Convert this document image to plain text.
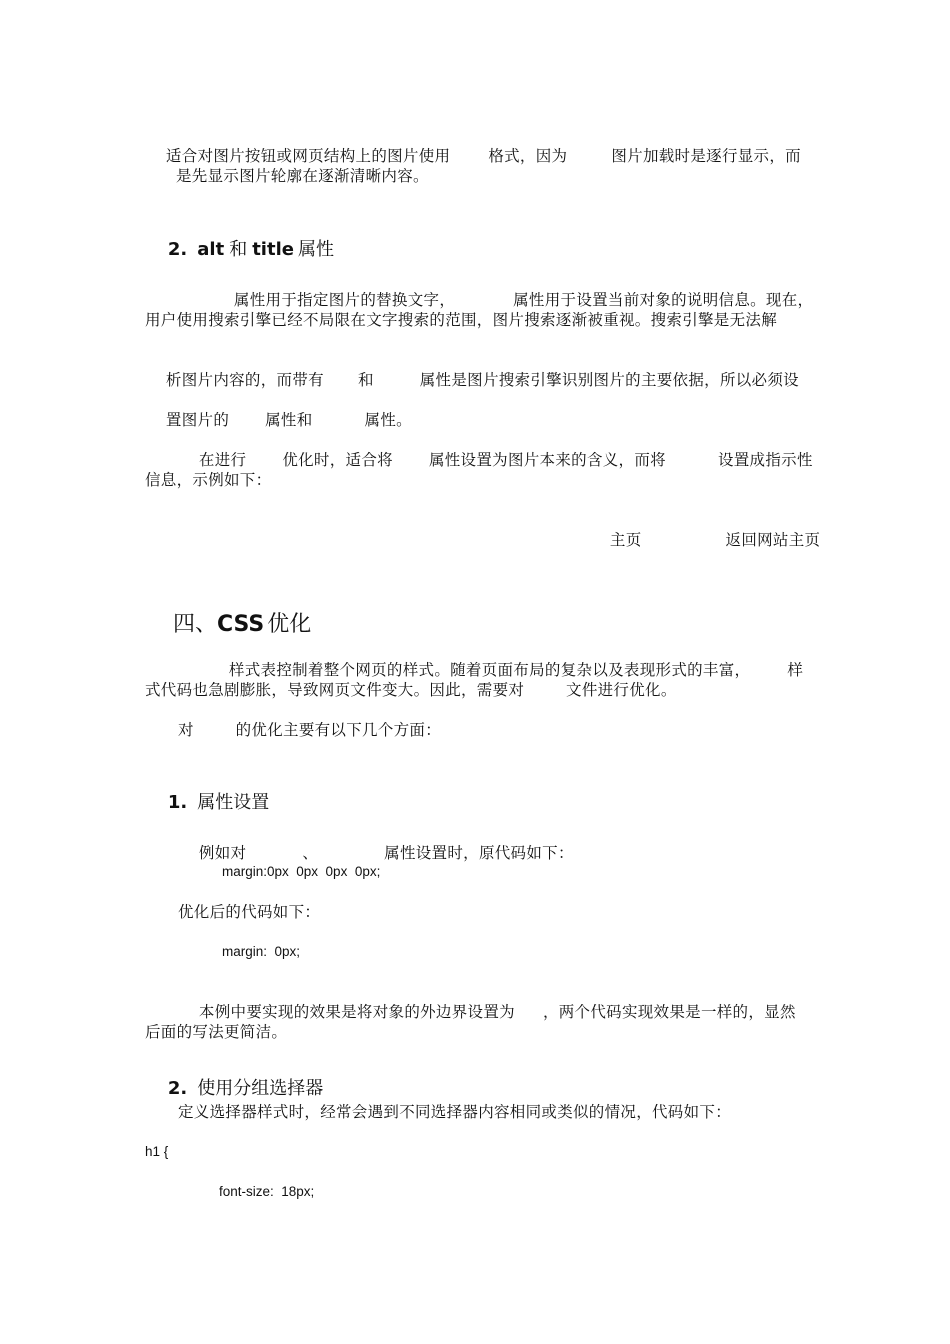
适合对图片按钮或网页结构上的图片使用 格式，因为	图片加载时是逐行显示，而

是先显示图片轮廓在逐渐清晰内容。

2. alt 和 title 属性

属性用于指定图片的替换文字，	属性用于设置当前对象的说明信息。现在，

用户使用搜索引擎已经不局限在文字搜索的范围，图片搜索逐渐被重视。搜索引擎是无法解

析图片内容的，而带有 和	属性是图片搜索引擎识别图片的主要依据，所以必须设

置图片的 属性和	属性。

在进行 优化时，适合将 属性设置为图片本来的含义，而将	设置成指示性

信息，示例如下：

主页	返回网站主页

四、CSS 优化

样式表控制着整个网页的样式。随着页面布局的复杂以及表现形式的丰富， 样

式代码也急剧膨胀，导致网页文件变大。因此，需要对        文件进行优化。
对        的优化主要有以下几个方面：

1. 属性设置

例如对	、	属性设置时，原代码如下：

margin:0px  0px  0px  0px;
优化后的代码如下：
margin:  0px;

本例中要实现的效果是将对象的外边界设置为 ，两个代码实现效果是一样的，显然

后面的写法更简洁。

2. 使用分组选择器

定义选择器样式时，经常会遇到不同选择器内容相同或类似的情况，代码如下：
h1 {
font-size:  18px;
